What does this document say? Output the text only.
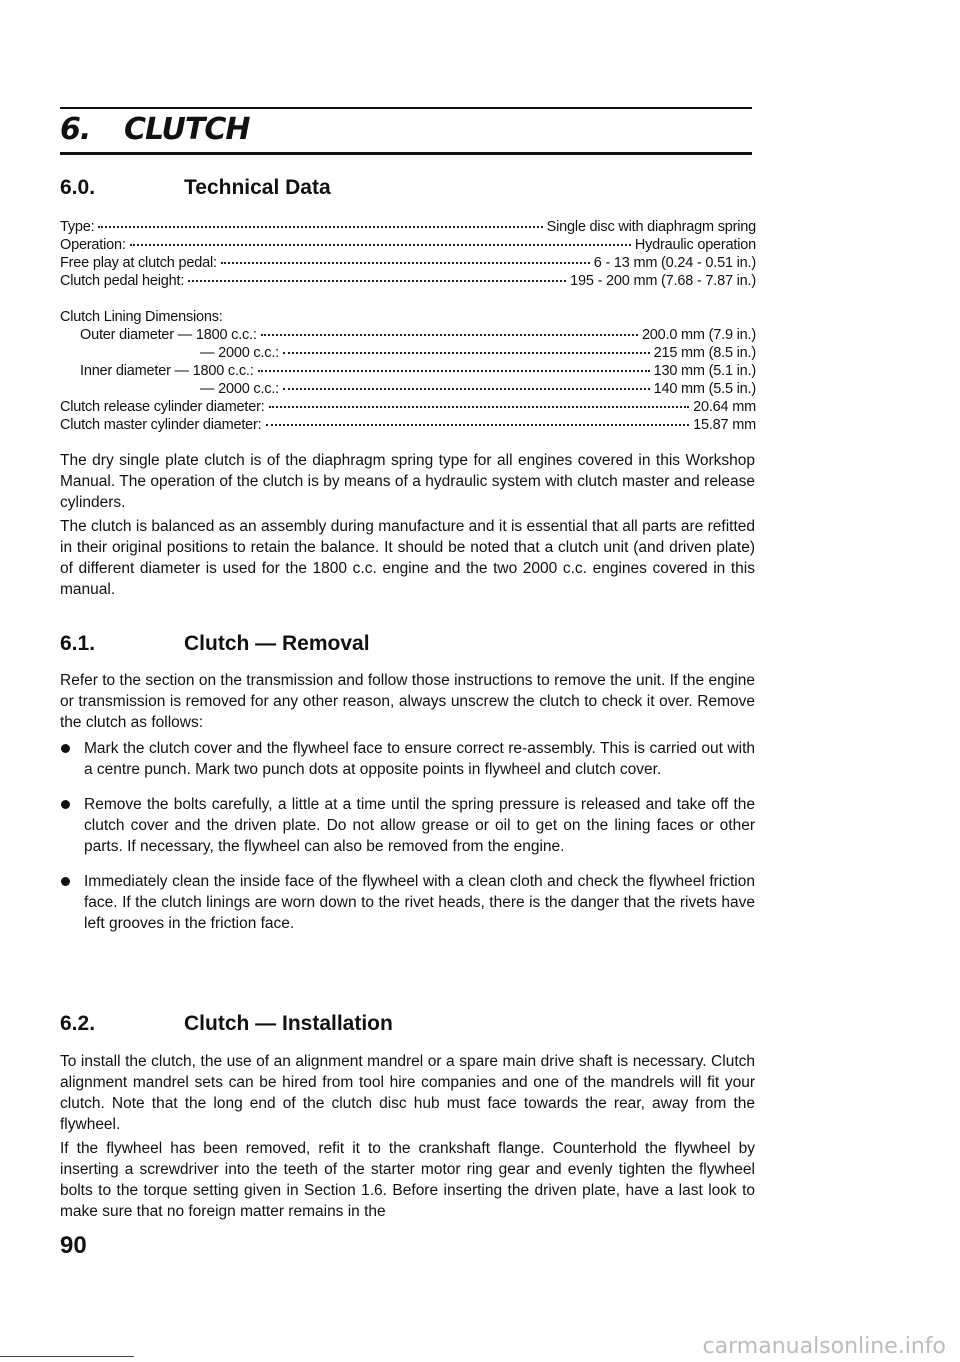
6. CLUTCH
6.0.	Technical Data
Type:	Single disc with diaphragm spring
Operation:	Hydraulic operation
Free play at clutch pedal:	6 - 13 mm (0.24 - 0.51 in.)
Clutch pedal height:	195 - 200 mm (7.68 - 7.87 in.)
Clutch Lining Dimensions:
Outer diameter — 1800 c.c.:	200.0 mm (7.9 in.)
— 2000 c.c.:	215 mm (8.5 in.)
Inner diameter — 1800 c.c.:	130 mm (5.1 in.)
— 2000 c.c.:	140 mm (5.5 in.)
Clutch release cylinder diameter:	20.64 mm
Clutch master cylinder diameter:	15.87 mm

The dry single plate clutch is of the diaphragm spring type for all engines covered in this Workshop Manual. The operation of the clutch is by means of a hydraulic system with clutch master and release cylinders.

The clutch is balanced as an assembly during manufacture and it is essential that all parts are refitted in their original positions to retain the balance. It should be noted that a clutch unit (and driven plate) of different diameter is used for the 1800 c.c. engine and the two 2000 c.c. engines covered in this manual.

6.1.	Clutch — Removal

Refer to the section on the transmission and follow those instructions to remove the unit. If the engine or transmission is removed for any other reason, always unscrew the clutch to check it over. Remove the clutch as follows:

Mark the clutch cover and the flywheel face to ensure correct re-assembly. This is carried out with a centre punch. Mark two punch dots at opposite points in flywheel and clutch cover.
Remove the bolts carefully, a little at a time until the spring pressure is released and take off the clutch cover and the driven plate. Do not allow grease or oil to get on the lining faces or other parts. If necessary, the flywheel can also be removed from the engine.
Immediately clean the inside face of the flywheel with a clean cloth and check the flywheel friction face. If the clutch linings are worn down to the rivet heads, there is the danger that the rivets have left grooves in the friction face.
6.2.	Clutch — Installation

To install the clutch, the use of an alignment mandrel or a spare main drive shaft is necessary. Clutch alignment mandrel sets can be hired from tool hire companies and one of the mandrels will fit your clutch. Note that the long end of the clutch disc hub must face towards the rear, away from the flywheel.

If the flywheel has been removed, refit it to the crankshaft flange. Counterhold the flywheel by inserting a screwdriver into the teeth of the starter motor ring gear and evenly tighten the flywheel bolts to the torque setting given in Section 1.6. Before inserting the driven plate, have a last look to make sure that no foreign matter remains in the

90
carmanualsonline.info
